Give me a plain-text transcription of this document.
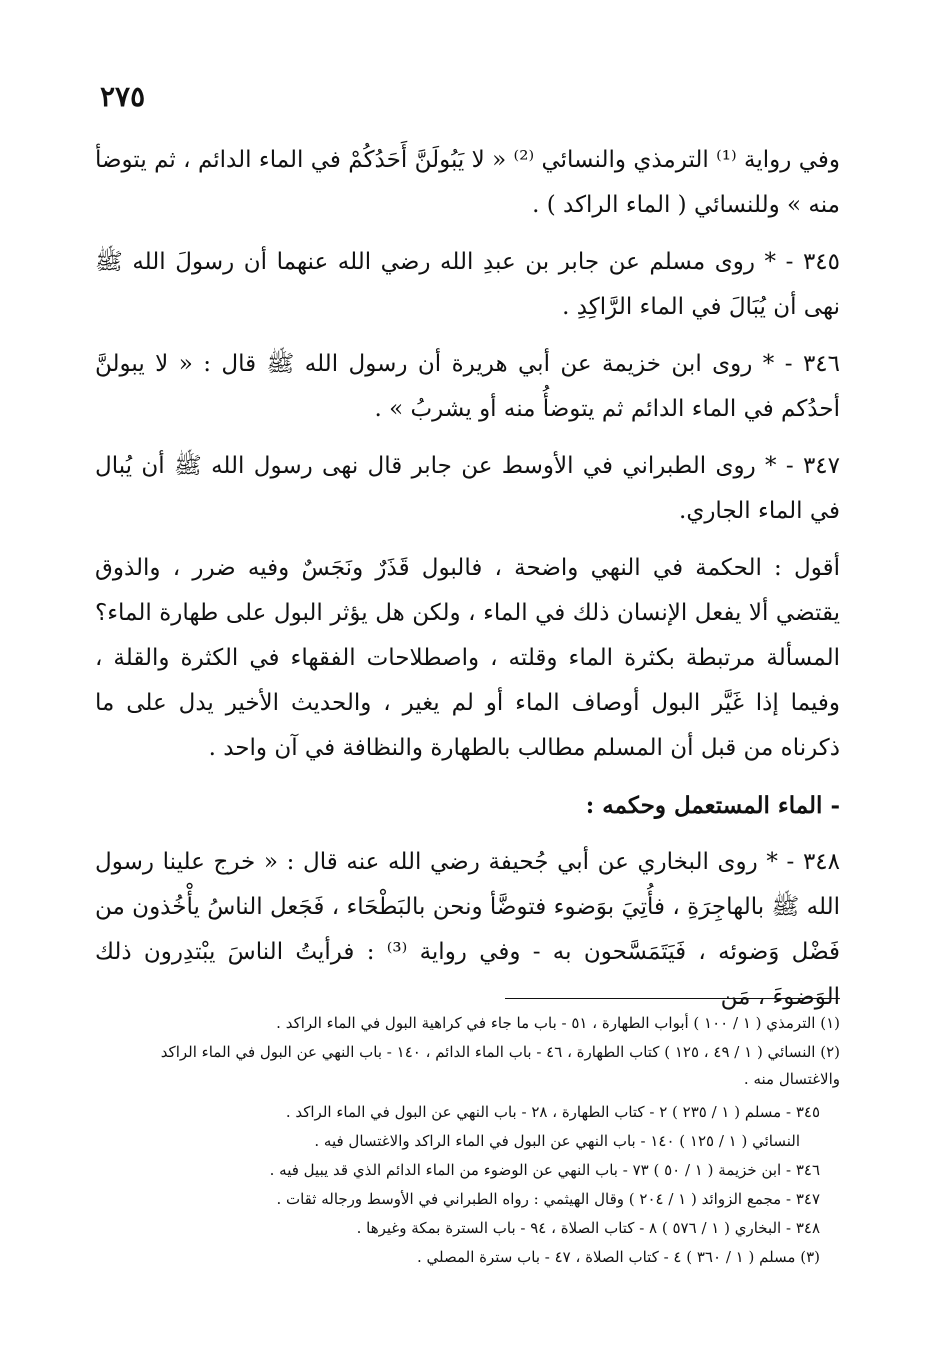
٢٧٥

وفي رواية ⁽¹⁾ الترمذي والنسائي ⁽²⁾ « لا يَبُولَنَّ أَحَدُكُمْ في الماء الدائم ، ثم يتوضأ منه » وللنسائي ( الماء الراكد ) .

٣٤٥ - * روى مسلم عن جابر بن عبدِ الله رضي الله عنهما أن رسولَ الله ﷺ نهى أن يُبَالَ في الماء الرَّاكِدِ .

٣٤٦ - * روى ابن خزيمة عن أبي هريرة أن رسول الله ﷺ قال : « لا يبولنَّ أحدُكم في الماء الدائم ثم يتوضأُ منه أو يشربُ » .

٣٤٧ - * روى الطبراني في الأوسط عن جابر قال نهى رسول الله ﷺ أن يُبال في الماء الجاري.

أقول : الحكمة في النهي واضحة ، فالبول قَذَرٌ ونَجَسٌ وفيه ضرر ، والذوق يقتضي ألا يفعل الإنسان ذلك في الماء ، ولكن هل يؤثر البول على طهارة الماء؟ المسألة مرتبطة بكثرة الماء وقلته ، واصطلاحات الفقهاء في الكثرة والقلة ، وفيما إذا غَيَّر البول أوصاف الماء أو لم يغير ، والحديث الأخير يدل على ما ذكرناه من قبل أن المسلم مطالب بالطهارة والنظافة في آن واحد .

- الماء المستعمل وحكمه :

٣٤٨ - * روى البخاري عن أبي جُحيفة رضي الله عنه قال : « خرج علينا رسول الله ﷺ بالهاجِرَةِ ، فأُتِيَ بوَضوء فتوضَّأ ونحن بالبَطْحَاء ، فَجَعل الناسُ يأْخُذون من فَضْل وَضوئه ، فَيَتَمَسَّحون به - وفي رواية ⁽³⁾ : فرأيتُ الناسَ يبْتدِرون ذلك الوَضوءَ ، مَن

(١) الترمذي ( ١ / ١٠٠ ) أبواب الطهارة ، ٥١ - باب ما جاء في كراهية البول في الماء الراكد .

(٢) النسائي ( ١ / ٤٩ ، ١٢٥ ) كتاب الطهارة ، ٤٦ - باب الماء الدائم ، ١٤٠ - باب النهي عن البول في الماء الراكد والاغتسال منه .

٣٤٥ - مسلم ( ١ / ٢٣٥ ) ٢ - كتاب الطهارة ، ٢٨ - باب النهي عن البول في الماء الراكد .

النسائي ( ١ / ١٢٥ ) ١٤٠ - باب النهي عن البول في الماء الراكد والاغتسال فيه .

٣٤٦ - ابن خزيمة ( ١ / ٥٠ ) ٧٣ - باب النهي عن الوضوء من الماء الدائم الذي قد يبيل فيه .

٣٤٧ - مجمع الزوائد ( ١ / ٢٠٤ ) وقال الهيثمي : رواه الطبراني في الأوسط ورجاله ثقات .

٣٤٨ - البخاري ( ١ / ٥٧٦ ) ٨ - كتاب الصلاة ، ٩٤ - باب السترة بمكة وغيرها .

(٣) مسلم ( ١ / ٣٦٠ ) ٤ - كتاب الصلاة ، ٤٧ - باب سترة المصلي .
